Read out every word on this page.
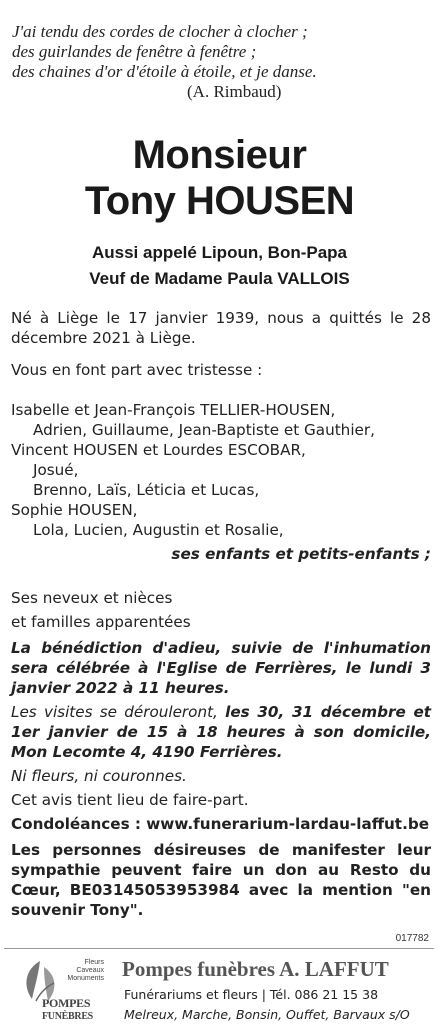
J'ai tendu des cordes de clocher à clocher ;
des guirlandes de fenêtre à fenêtre ;
des chaines d'or d'étoile à étoile, et je danse.
(A. Rimbaud)
Monsieur
Tony HOUSEN
Aussi appelé Lipoun, Bon-Papa
Veuf de Madame Paula VALLOIS
Né à Liège le 17 janvier 1939, nous a quittés le 28 décembre 2021 à Liège.
Vous en font part avec tristesse :
Isabelle et Jean-François TELLIER-HOUSEN,
Adrien, Guillaume, Jean-Baptiste et Gauthier,
Vincent HOUSEN et Lourdes ESCOBAR,
Josué,
Brenno, Laïs, Léticia et Lucas,
Sophie HOUSEN,
Lola, Lucien, Augustin et Rosalie,
ses enfants et petits-enfants ;
Ses neveux et nièces
et familles apparentées
La bénédiction d'adieu, suivie de l'inhumation sera célébrée à l'Eglise de Ferrières, le lundi 3 janvier 2022 à 11 heures.
Les visites se dérouleront, les 30, 31 décembre et 1er janvier de 15 à 18 heures à son domicile, Mon Lecomte 4, 4190 Ferrières.
Ni fleurs, ni couronnes.
Cet avis tient lieu de faire-part.
Condoléances : www.funerarium-lardau-laffut.be
Les personnes désireuses de manifester leur sympathie peuvent faire un don au Resto du Cœur, BE03145053953984 avec la mention "en souvenir Tony".
017782
Fleurs
Caveaux
Monuments
POMPES
FUNÈBRES
Pompes funèbres A. LAFFUT
Funérariums et fleurs | Tél. 086 21 15 38
Melreux, Marche, Bonsin, Ouffet, Barvaux s/O
